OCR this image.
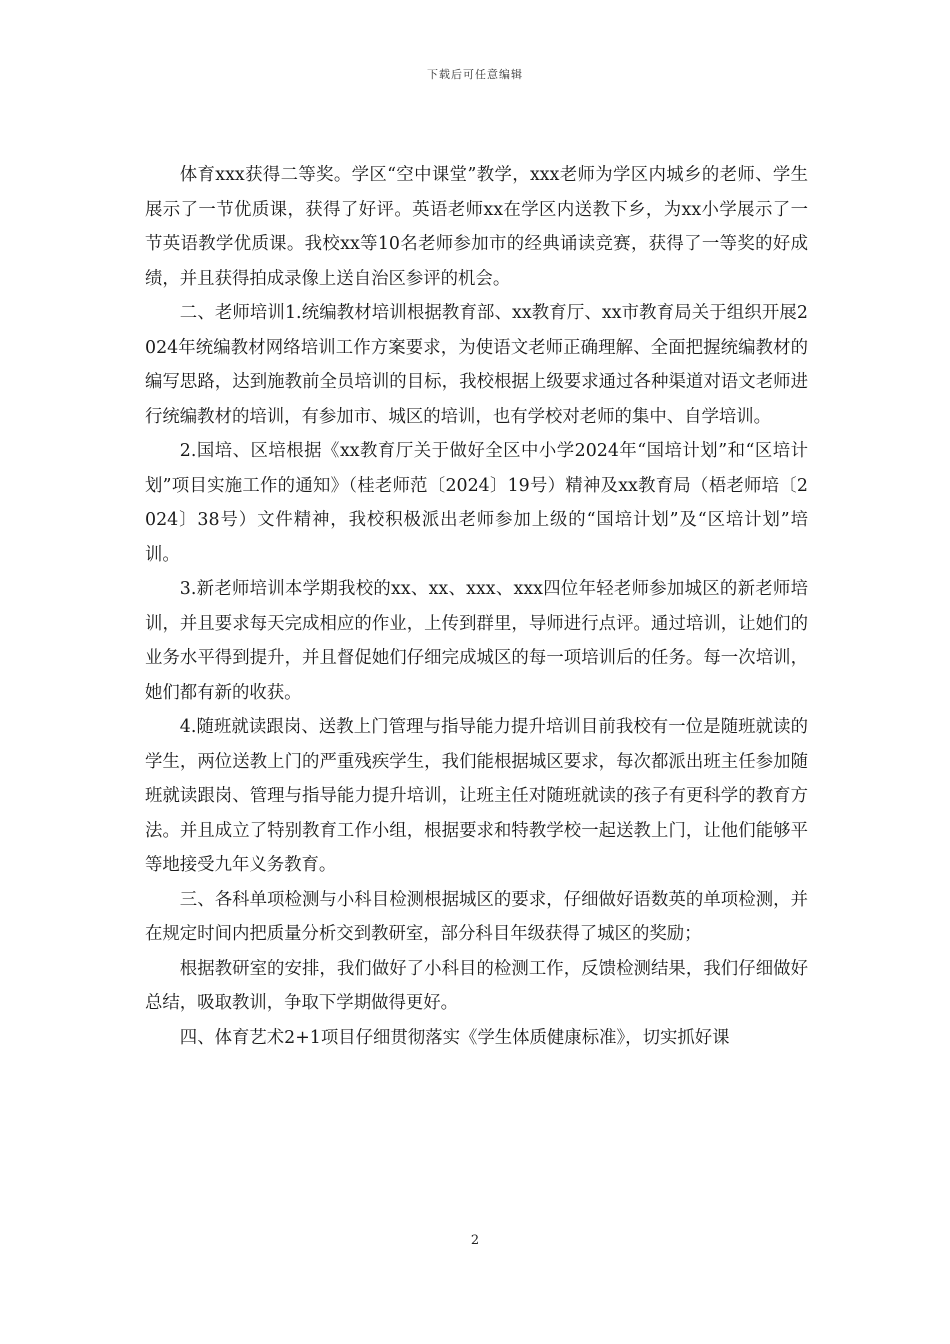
下载后可任意编辑

体育xxx获得二等奖。学区“空中课堂”教学，xxx老师为学区内城乡的老师、学生展示了一节优质课，获得了好评。英语老师xx在学区内送教下乡，为xx小学展示了一节英语教学优质课。我校xx等10名老师参加市的经典诵读竞赛，获得了一等奖的好成绩，并且获得拍成录像上送自治区参评的机会。

二、老师培训1.统编教材培训根据教育部、xx教育厅、xx市教育局关于组织开展2024年统编教材网络培训工作方案要求，为使语文老师正确理解、全面把握统编教材的编写思路，达到施教前全员培训的目标，我校根据上级要求通过各种渠道对语文老师进行统编教材的培训，有参加市、城区的培训，也有学校对老师的集中、自学培训。

2.国培、区培根据《xx教育厅关于做好全区中小学2024年“国培计划”和“区培计划”项目实施工作的通知》（桂老师范〔2024〕19号）精神及xx教育局（梧老师培〔2024〕38号）文件精神，我校积极派出老师参加上级的“国培计划”及“区培计划”培训。

3.新老师培训本学期我校的xx、xx、xxx、xxx四位年轻老师参加城区的新老师培训，并且要求每天完成相应的作业，上传到群里，导师进行点评。通过培训，让她们的业务水平得到提升，并且督促她们仔细完成城区的每一项培训后的任务。每一次培训，她们都有新的收获。

4.随班就读跟岗、送教上门管理与指导能力提升培训目前我校有一位是随班就读的学生，两位送教上门的严重残疾学生，我们能根据城区要求，每次都派出班主任参加随班就读跟岗、管理与指导能力提升培训，让班主任对随班就读的孩子有更科学的教育方法。并且成立了特别教育工作小组，根据要求和特教学校一起送教上门，让他们能够平等地接受九年义务教育。

三、各科单项检测与小科目检测根据城区的要求，仔细做好语数英的单项检测，并在规定时间内把质量分析交到教研室，部分科目年级获得了城区的奖励；

根据教研室的安排，我们做好了小科目的检测工作，反馈检测结果，我们仔细做好总结，吸取教训，争取下学期做得更好。

四、体育艺术2+1项目仔细贯彻落实《学生体质健康标准》，切实抓好课

2
